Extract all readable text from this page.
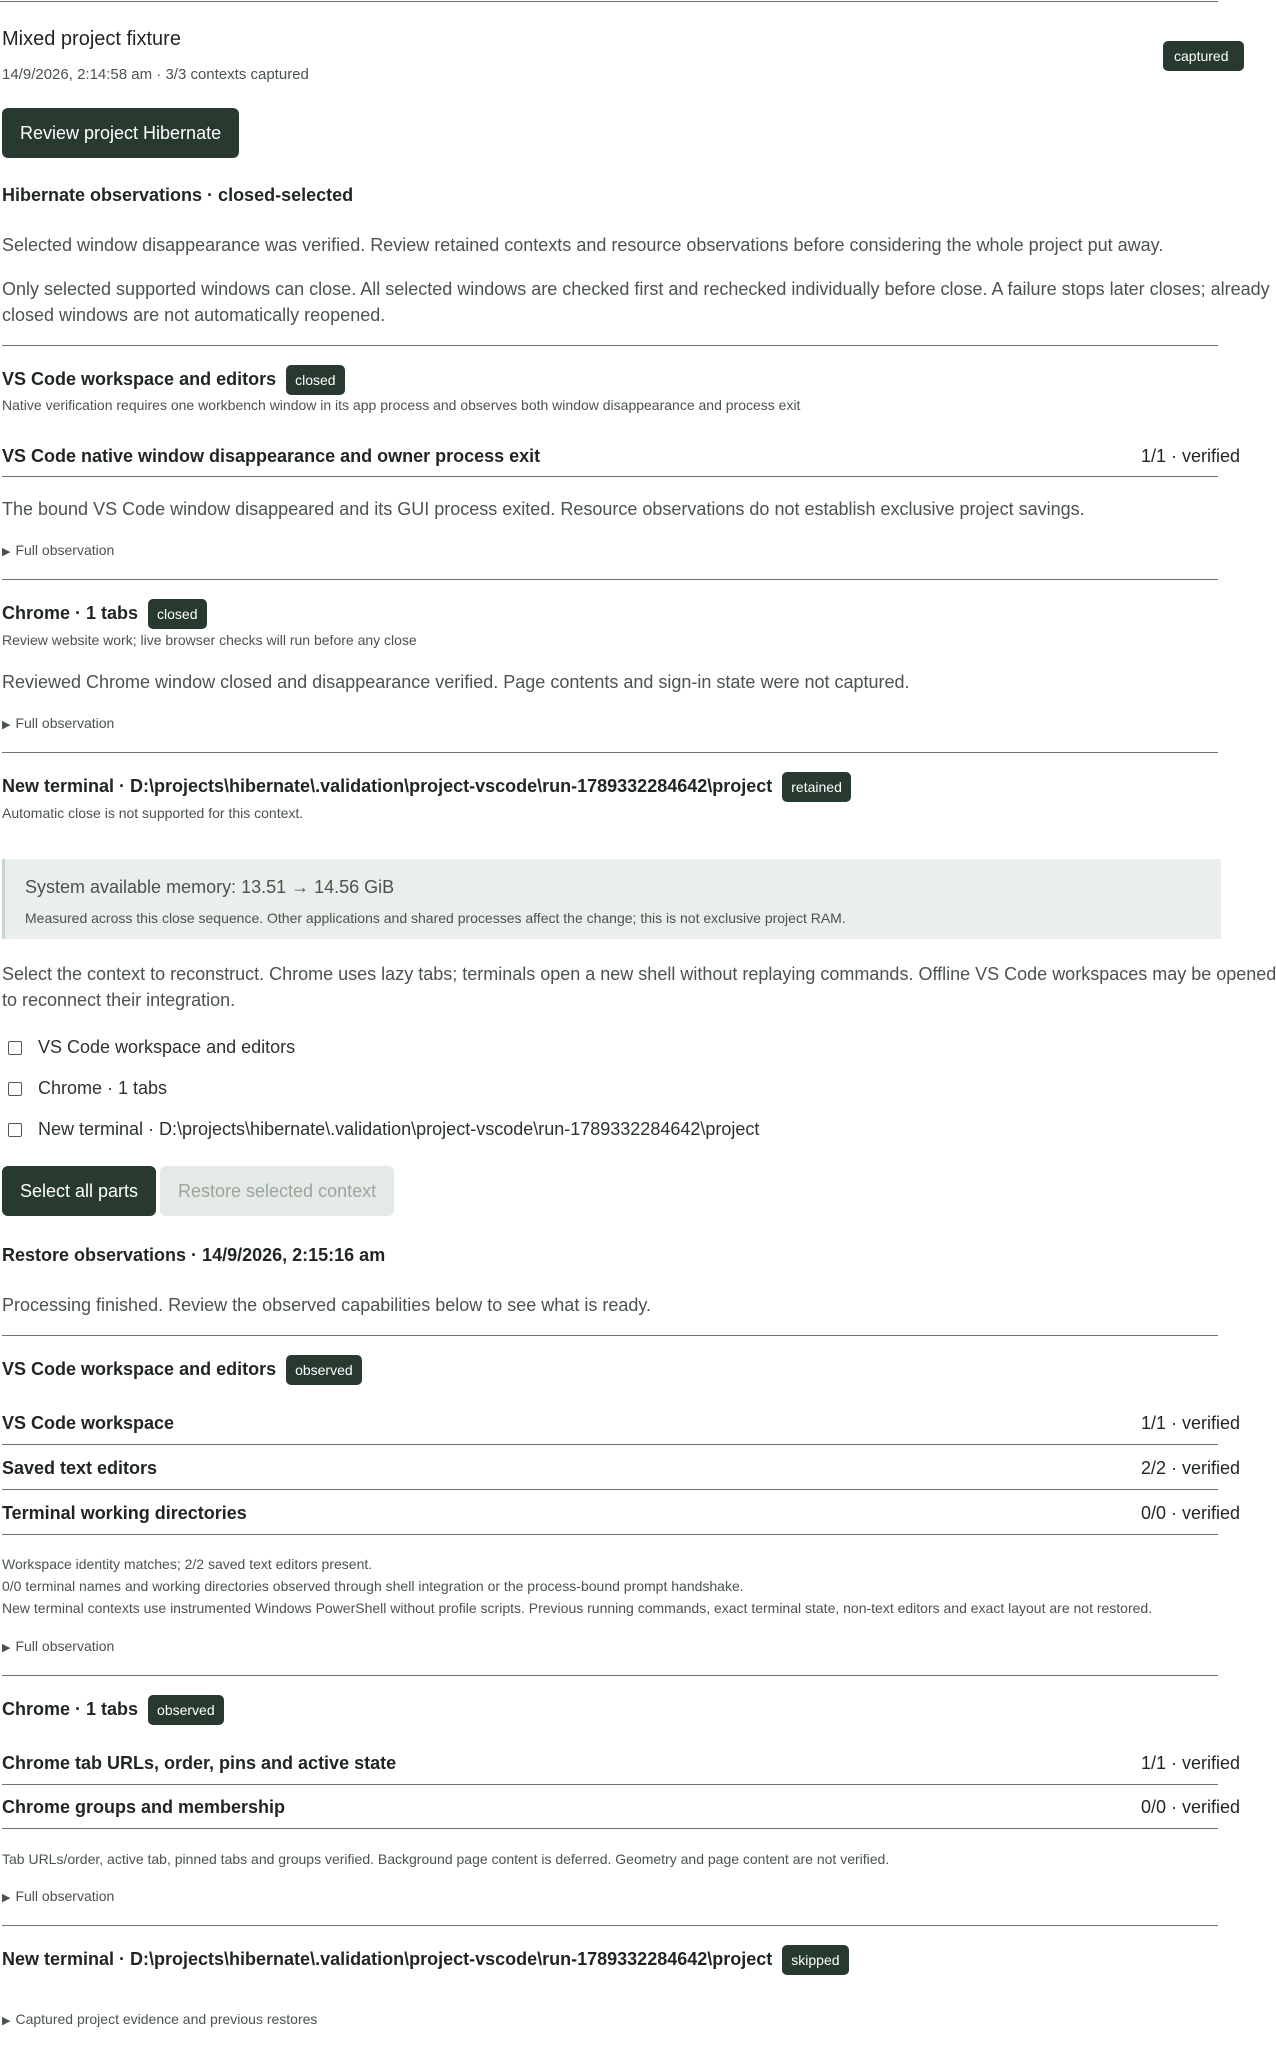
captured
Mixed project fixture
14/9/2026, 2:14:58 am · 3/3 contexts captured
Review project Hibernate
Hibernate observations · closed-selected
Selected window disappearance was verified. Review retained contexts and resource observations before considering the whole project put away.
Only selected supported windows can close. All selected windows are checked first and rechecked individually before close. A failure stops later closes; already
closed windows are not automatically reopened.
VS Code workspace and editors closed
Native verification requires one workbench window in its app process and observes both window disappearance and process exit
VS Code native window disappearance and owner process exit	1/1 · verified
The bound VS Code window disappeared and its GUI process exited. Resource observations do not establish exclusive project savings.
▶ Full observation
Chrome · 1 tabs closed
Review website work; live browser checks will run before any close
Reviewed Chrome window closed and disappearance verified. Page contents and sign-in state were not captured.
▶ Full observation
New terminal · D:\projects\hibernate\.validation\project-vscode\run-1789332284642\project retained
Automatic close is not supported for this context.
System available memory: 13.51 → 14.56 GiB
Measured across this close sequence. Other applications and shared processes affect the change; this is not exclusive project RAM.
Select the context to reconstruct. Chrome uses lazy tabs; terminals open a new shell without replaying commands. Offline VS Code workspaces may be opened
to reconnect their integration.
VS Code workspace and editors
Chrome · 1 tabs
New terminal · D:\projects\hibernate\.validation\project-vscode\run-1789332284642\project
Select all parts	Restore selected context
Restore observations · 14/9/2026, 2:15:16 am
Processing finished. Review the observed capabilities below to see what is ready.
VS Code workspace and editors observed
VS Code workspace	1/1 · verified
Saved text editors	2/2 · verified
Terminal working directories	0/0 · verified
Workspace identity matches; 2/2 saved text editors present.
0/0 terminal names and working directories observed through shell integration or the process-bound prompt handshake.
New terminal contexts use instrumented Windows PowerShell without profile scripts. Previous running commands, exact terminal state, non-text editors and exact layout are not restored.
▶ Full observation
Chrome · 1 tabs observed
Chrome tab URLs, order, pins and active state	1/1 · verified
Chrome groups and membership	0/0 · verified
Tab URLs/order, active tab, pinned tabs and groups verified. Background page content is deferred. Geometry and page content are not verified.
▶ Full observation
New terminal · D:\projects\hibernate\.validation\project-vscode\run-1789332284642\project skipped
▶ Captured project evidence and previous restores
